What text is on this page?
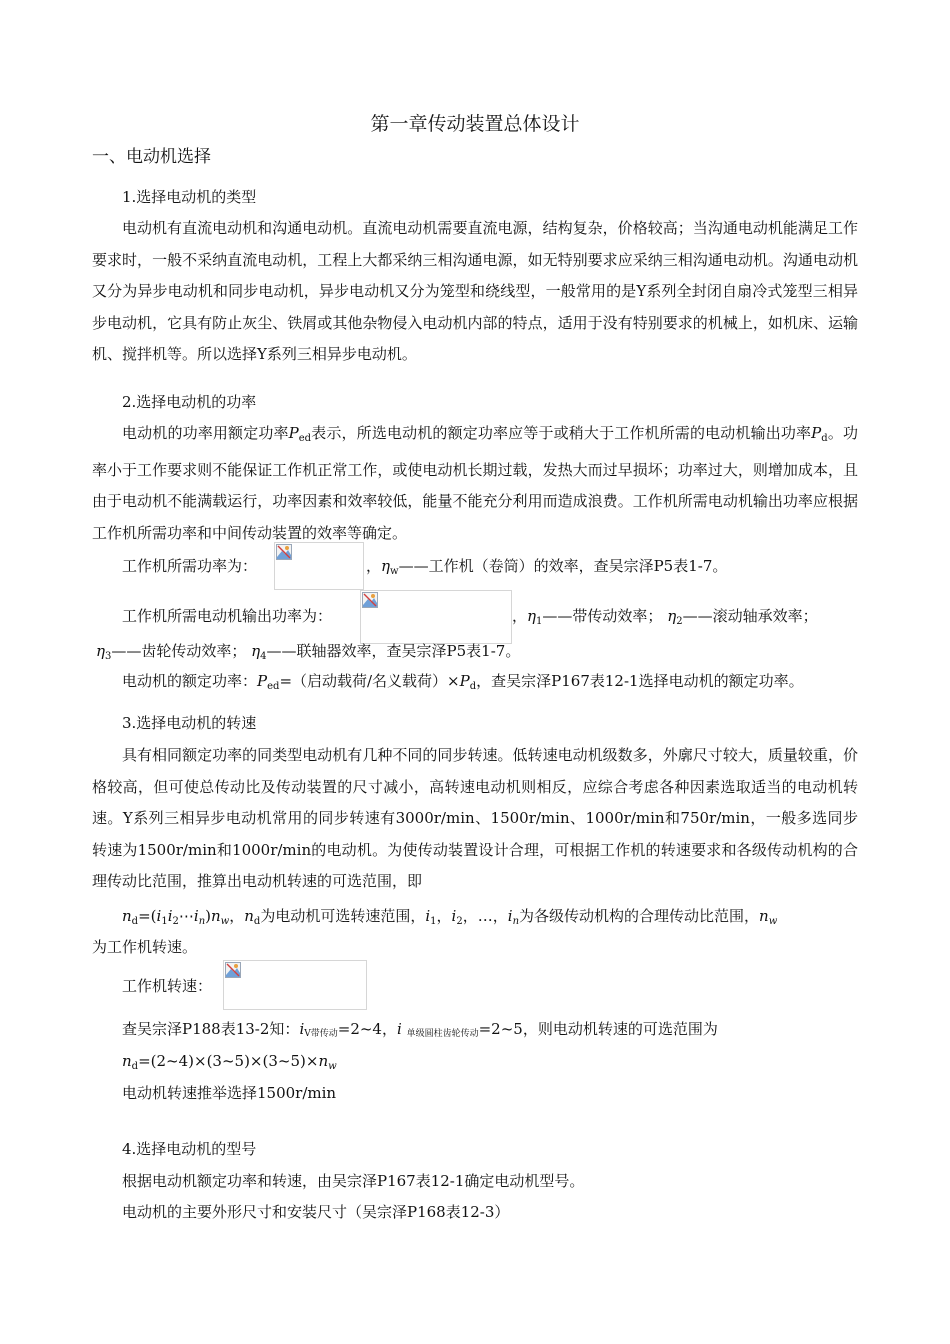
第一章传动装置总体设计
一、电动机选择
1.选择电动机的类型
电动机有直流电动机和沟通电动机。直流电动机需要直流电源，结构复杂，价格较高；当沟通电动机能满足工作要求时，一般不采纳直流电动机，工程上大都采纳三相沟通电源，如无特别要求应采纳三相沟通电动机。沟通电动机又分为异步电动机和同步电动机，异步电动机又分为笼型和绕线型，一般常用的是Y系列全封闭自扇冷式笼型三相异步电动机，它具有防止灰尘、铁屑或其他杂物侵入电动机内部的特点，适用于没有特别要求的机械上，如机床、运输机、搅拌机等。所以选择Y系列三相异步电动机。
2.选择电动机的功率
电动机的功率用额定功率$P_{ed}$表示，所选电动机的额定功率应等于或稍大于工作机所需的电动机输出功率$P_d$。功率小于工作要求则不能保证工作机正常工作，或使电动机长期过载，发热大而过早损坏；功率过大，则增加成本，且由于电动机不能满载运行，功率因素和效率较低，能量不能充分利用而造成浪费。工作机所需电动机输出功率应根据工作机所需功率和中间传动装置的效率等确定。
工作机所需功率为：	，$\eta_w——$工作机（卷筒）的效率，查吴宗泽P5表1-7。
工作机所需电动机输出功率为：	，$\eta_1——$带传动效率； $\eta_2——$滚动轴承效率；
$\eta_3——$齿轮传动效率； $\eta_4——$联轴器效率，查吴宗泽P5表1-7。
电动机的额定功率：$P_{ed}=$（启动载荷/名义载荷）$\times P_d$，查吴宗泽P167表12-1选择电动机的额定功率。
3.选择电动机的转速
具有相同额定功率的同类型电动机有几种不同的同步转速。低转速电动机级数多，外廓尺寸较大，质量较重，价格较高，但可使总传动比及传动装置的尺寸减小，高转速电动机则相反，应综合考虑各种因素选取适当的电动机转速。Y系列三相异步电动机常用的同步转速有3000r/min、1500r/min、1000r/min和750r/min，一般多选同步转速为1500r/min和1000r/min的电动机。为使传动装置设计合理，可根据工作机的转速要求和各级传动机构的合理传动比范围，推算出电动机转速的可选范围，即
$n_d=(i_1i_2\cdots i_n)n_w$，$n_d$为电动机可选转速范围，$i_1$，$i_2$，…，$i_n$为各级传动机构的合理传动比范围，$n_w$
为工作机转速。
工作机转速：
查吴宗泽P188表13-2知：iV带传动=2~4，i 单级圆柱齿轮传动=2~5，则电动机转速的可选范围为
$n_d=(2\sim 4)\times(3\sim 5)\times(3\sim 5)\times n_w$
电动机转速推举选择1500r/min
4.选择电动机的型号
根据电动机额定功率和转速，由吴宗泽P167表12-1确定电动机型号。
电动机的主要外形尺寸和安装尺寸（吴宗泽P168表12-3）
